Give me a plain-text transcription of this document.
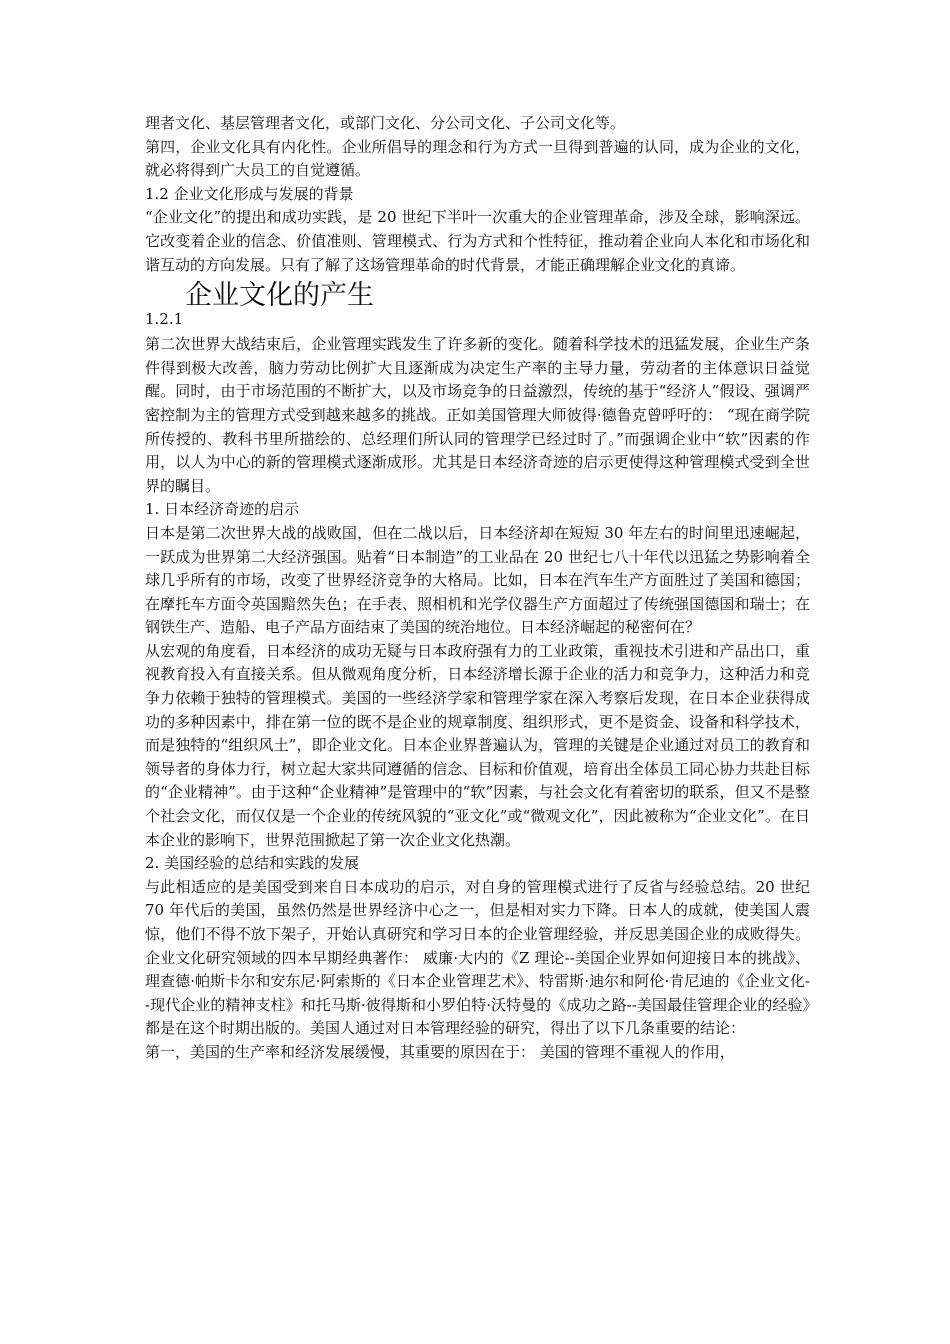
理者文化、基层管理者文化，或部门文化、分公司文化、子公司文化等。

第四，企业文化具有内化性。企业所倡导的理念和行为方式一旦得到普遍的认同，成为企业的文化，就必将得到广大员工的自觉遵循。

1.2 企业文化形成与发展的背景

“企业文化”的提出和成功实践，是 20 世纪下半叶一次重大的企业管理革命，涉及全球，影响深远。它改变着企业的信念、价值准则、管理模式、行为方式和个性特征，推动着企业向人本化和市场化和谐互动的方向发展。只有了解了这场管理革命的时代背景，才能正确理解企业文化的真谛。

1.2.1
企业文化的产生

第二次世界大战结束后，企业管理实践发生了许多新的变化。随着科学技术的迅猛发展，企业生产条件得到极大改善，脑力劳动比例扩大且逐渐成为决定生产率的主导力量，劳动者的主体意识日益觉醒。同时，由于市场范围的不断扩大，以及市场竞争的日益激烈，传统的基于“经济人”假设、强调严密控制为主的管理方式受到越来越多的挑战。正如美国管理大师彼得·德鲁克曾呼吁的： “现在商学院所传授的、教科书里所描绘的、总经理们所认同的管理学已经过时了。”而强调企业中“软”因素的作用，以人为中心的新的管理模式逐渐成形。尤其是日本经济奇迹的启示更使得这种管理模式受到全世界的瞩目。

1. 日本经济奇迹的启示

日本是第二次世界大战的战败国，但在二战以后，日本经济却在短短 30 年左右的时间里迅速崛起，一跃成为世界第二大经济强国。贴着“日本制造”的工业品在 20 世纪七八十年代以迅猛之势影响着全球几乎所有的市场，改变了世界经济竞争的大格局。比如，日本在汽车生产方面胜过了美国和德国；在摩托车方面令英国黯然失色；在手表、照相机和光学仪器生产方面超过了传统强国德国和瑞士；在钢铁生产、造船、电子产品方面结束了美国的统治地位。日本经济崛起的秘密何在？

从宏观的角度看，日本经济的成功无疑与日本政府强有力的工业政策，重视技术引进和产品出口，重视教育投入有直接关系。但从微观角度分析，日本经济增长源于企业的活力和竞争力，这种活力和竞争力依赖于独特的管理模式。美国的一些经济学家和管理学家在深入考察后发现，在日本企业获得成功的多种因素中，排在第一位的既不是企业的规章制度、组织形式，更不是资金、设备和科学技术，而是独特的“组织风土”，即企业文化。日本企业界普遍认为，管理的关键是企业通过对员工的教育和领导者的身体力行，树立起大家共同遵循的信念、目标和价值观，培育出全体员工同心协力共赴目标的“企业精神”。由于这种“企业精神”是管理中的“软”因素，与社会文化有着密切的联系，但又不是整个社会文化，而仅仅是一个企业的传统风貌的“亚文化”或“微观文化”，因此被称为“企业文化”。在日本企业的影响下，世界范围掀起了第一次企业文化热潮。

2. 美国经验的总结和实践的发展

与此相适应的是美国受到来自日本成功的启示，对自身的管理模式进行了反省与经验总结。20 世纪 70 年代后的美国，虽然仍然是世界经济中心之一，但是相对实力下降。日本人的成就，使美国人震惊，他们不得不放下架子，开始认真研究和学习日本的企业管理经验，并反思美国企业的成败得失。企业文化研究领域的四本早期经典著作： 威廉·大内的《Z 理论--美国企业界如何迎接日本的挑战》、理查德·帕斯卡尔和安东尼·阿索斯的《日本企业管理艺术》、特雷斯·迪尔和阿伦·肯尼迪的《企业文化--现代企业的精神支柱》和托马斯·彼得斯和小罗伯特·沃特曼的《成功之路--美国最佳管理企业的经验》都是在这个时期出版的。美国人通过对日本管理经验的研究，得出了以下几条重要的结论：

第一，美国的生产率和经济发展缓慢，其重要的原因在于： 美国的管理不重视人的作用，
